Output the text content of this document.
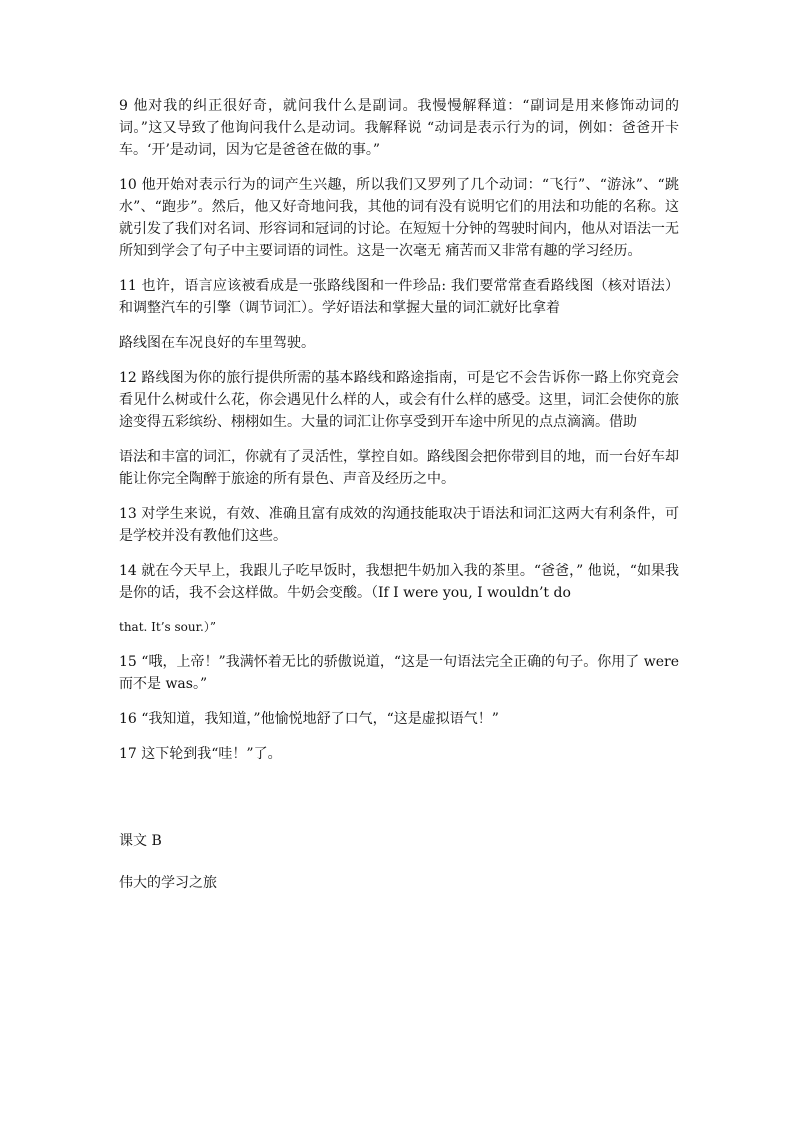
9 他对我的纠正很好奇，就问我什么是副词。我慢慢解释道：“副词是用来修饰动词的词。”这又导致了他询问我什么是动词。我解释说 “动词是表示行为的词，例如：爸爸开卡车。‘开’是动词，因为它是爸爸在做的事。”

10 他开始对表示行为的词产生兴趣，所以我们又罗列了几个动词：“飞行”、“游泳”、“跳水”、“跑步”。然后，他又好奇地问我，其他的词有没有说明它们的用法和功能的名称。这就引发了我们对名词、形容词和冠词的讨论。在短短十分钟的驾驶时间内，他从对语法一无所知到学会了句子中主要词语的词性。这是一次毫无 痛苦而又非常有趣的学习经历。

11 也许，语言应该被看成是一张路线图和一件珍品: 我们要常常查看路线图（核对语法）和调整汽车的引擎（调节词汇）。学好语法和掌握大量的词汇就好比拿着

路线图在车况良好的车里驾驶。

12 路线图为你的旅行提供所需的基本路线和路途指南，可是它不会告诉你一路上你究竟会看见什么树或什么花，你会遇见什么样的人，或会有什么样的感受。这里，词汇会使你的旅途变得五彩缤纷、栩栩如生。大量的词汇让你享受到开车途中所见的点点滴滴。借助

语法和丰富的词汇，你就有了灵活性，掌控自如。路线图会把你带到目的地，而一台好车却能让你完全陶醉于旅途的所有景色、声音及经历之中。

13 对学生来说，有效、准确且富有成效的沟通技能取决于语法和词汇这两大有利条件，可是学校并没有教他们这些。

14 就在今天早上，我跟儿子吃早饭时，我想把牛奶加入我的茶里。“爸爸，” 他说，“如果我是你的话，我不会这样做。牛奶会变酸。（If I were you, I wouldn’t do

that. It’s sour.）”

15 “哦，上帝！”我满怀着无比的骄傲说道，“这是一句语法完全正确的句子。你用了 were 而不是 was。”

16 “我知道，我知道，”他愉悦地舒了口气，“这是虚拟语气！”

17 这下轮到我“哇！”了。

课文 B

伟大的学习之旅
